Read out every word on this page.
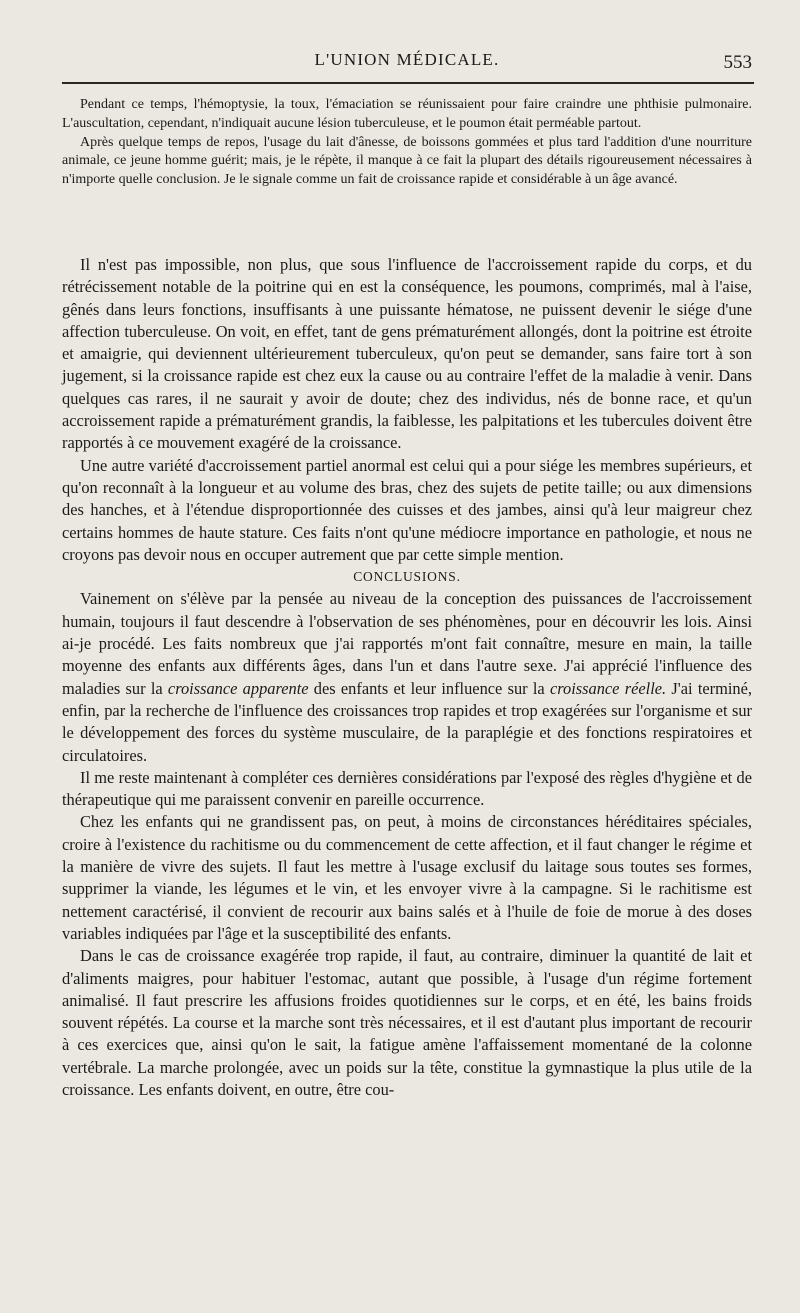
L'UNION MÉDICALE.	553

Pendant ce temps, l'hémoptysie, la toux, l'émaciation se réunissaient pour faire craindre une phthisie pulmonaire. L'auscultation, cependant, n'indiquait aucune lésion tuberculeuse, et le poumon était perméable partout.

Après quelque temps de repos, l'usage du lait d'ânesse, de boissons gommées et plus tard l'addition d'une nourriture animale, ce jeune homme guérit; mais, je le répète, il manque à ce fait la plupart des détails rigoureusement nécessaires à n'importe quelle conclusion. Je le signale comme un fait de croissance rapide et considérable à un âge avancé.

Il n'est pas impossible, non plus, que sous l'influence de l'accroissement rapide du corps, et du rétrécissement notable de la poitrine qui en est la conséquence, les poumons, comprimés, mal à l'aise, gênés dans leurs fonctions, insuffisants à une puissante hématose, ne puissent devenir le siége d'une affection tuberculeuse. On voit, en effet, tant de gens prématurément allongés, dont la poitrine est étroite et amaigrie, qui deviennent ultérieurement tuberculeux, qu'on peut se demander, sans faire tort à son jugement, si la croissance rapide est chez eux la cause ou au contraire l'effet de la maladie à venir. Dans quelques cas rares, il ne saurait y avoir de doute; chez des individus, nés de bonne race, et qu'un accroissement rapide a prématurément grandis, la faiblesse, les palpitations et les tubercules doivent être rapportés à ce mouvement exagéré de la croissance.

Une autre variété d'accroissement partiel anormal est celui qui a pour siége les membres supérieurs, et qu'on reconnaît à la longueur et au volume des bras, chez des sujets de petite taille; ou aux dimensions des hanches, et à l'étendue disproportionnée des cuisses et des jambes, ainsi qu'à leur maigreur chez certains hommes de haute stature. Ces faits n'ont qu'une médiocre importance en pathologie, et nous ne croyons pas devoir nous en occuper autrement que par cette simple mention.

CONCLUSIONS.

Vainement on s'élève par la pensée au niveau de la conception des puissances de l'accroissement humain, toujours il faut descendre à l'observation de ses phénomènes, pour en découvrir les lois. Ainsi ai-je procédé. Les faits nombreux que j'ai rapportés m'ont fait connaître, mesure en main, la taille moyenne des enfants aux différents âges, dans l'un et dans l'autre sexe. J'ai apprécié l'influence des maladies sur la croissance apparente des enfants et leur influence sur la croissance réelle. J'ai terminé, enfin, par la recherche de l'influence des croissances trop rapides et trop exagérées sur l'organisme et sur le développement des forces du système musculaire, de la paraplégie et des fonctions respiratoires et circulatoires.

Il me reste maintenant à compléter ces dernières considérations par l'exposé des règles d'hygiène et de thérapeutique qui me paraissent convenir en pareille occurrence.

Chez les enfants qui ne grandissent pas, on peut, à moins de circonstances héréditaires spéciales, croire à l'existence du rachitisme ou du commencement de cette affection, et il faut changer le régime et la manière de vivre des sujets. Il faut les mettre à l'usage exclusif du laitage sous toutes ses formes, supprimer la viande, les légumes et le vin, et les envoyer vivre à la campagne. Si le rachitisme est nettement caractérisé, il convient de recourir aux bains salés et à l'huile de foie de morue à des doses variables indiquées par l'âge et la susceptibilité des enfants.

Dans le cas de croissance exagérée trop rapide, il faut, au contraire, diminuer la quantité de lait et d'aliments maigres, pour habituer l'estomac, autant que possible, à l'usage d'un régime fortement animalisé. Il faut prescrire les affusions froides quotidiennes sur le corps, et en été, les bains froids souvent répétés. La course et la marche sont très nécessaires, et il est d'autant plus important de recourir à ces exercices que, ainsi qu'on le sait, la fatigue amène l'affaissement momentané de la colonne vertébrale. La marche prolongée, avec un poids sur la tête, constitue la gymnastique la plus utile de la croissance. Les enfants doivent, en outre, être cou-
